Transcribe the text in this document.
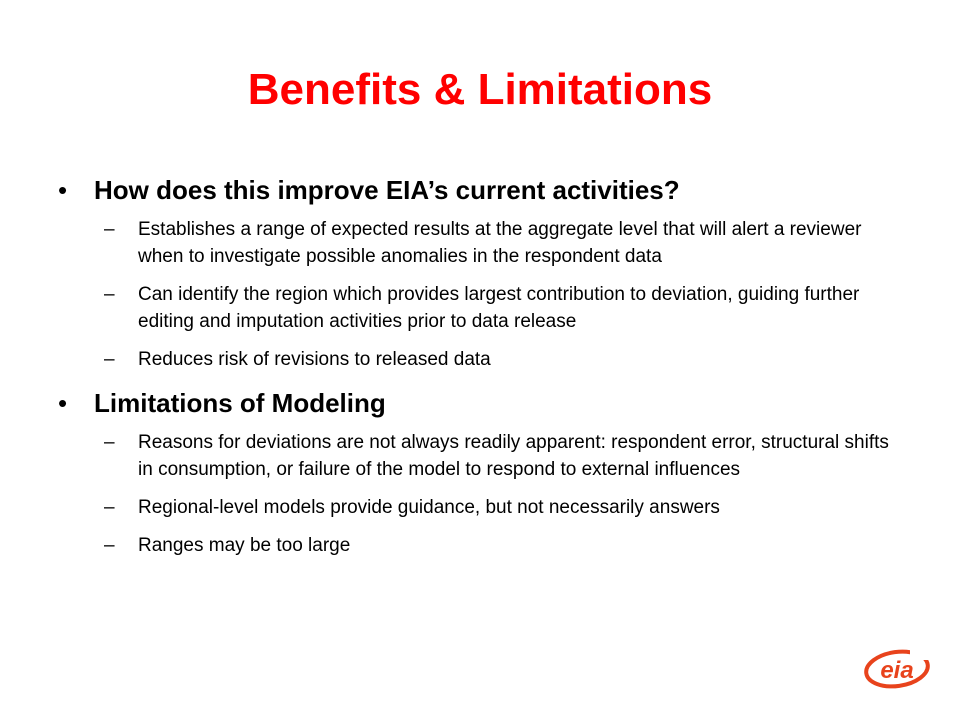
Benefits & Limitations
• How does this improve EIA’s current activities?
– Establishes a range of expected results at the aggregate level that will alert a reviewer when to investigate possible anomalies in the respondent data
– Can identify the region which provides largest contribution to deviation, guiding further editing and imputation activities prior to data release
– Reduces risk of revisions to released data
• Limitations of Modeling
– Reasons for deviations are not always readily apparent: respondent error, structural shifts in consumption, or failure of the model to respond to external influences
– Regional-level models provide guidance, but not necessarily answers
– Ranges may be too large
eia
